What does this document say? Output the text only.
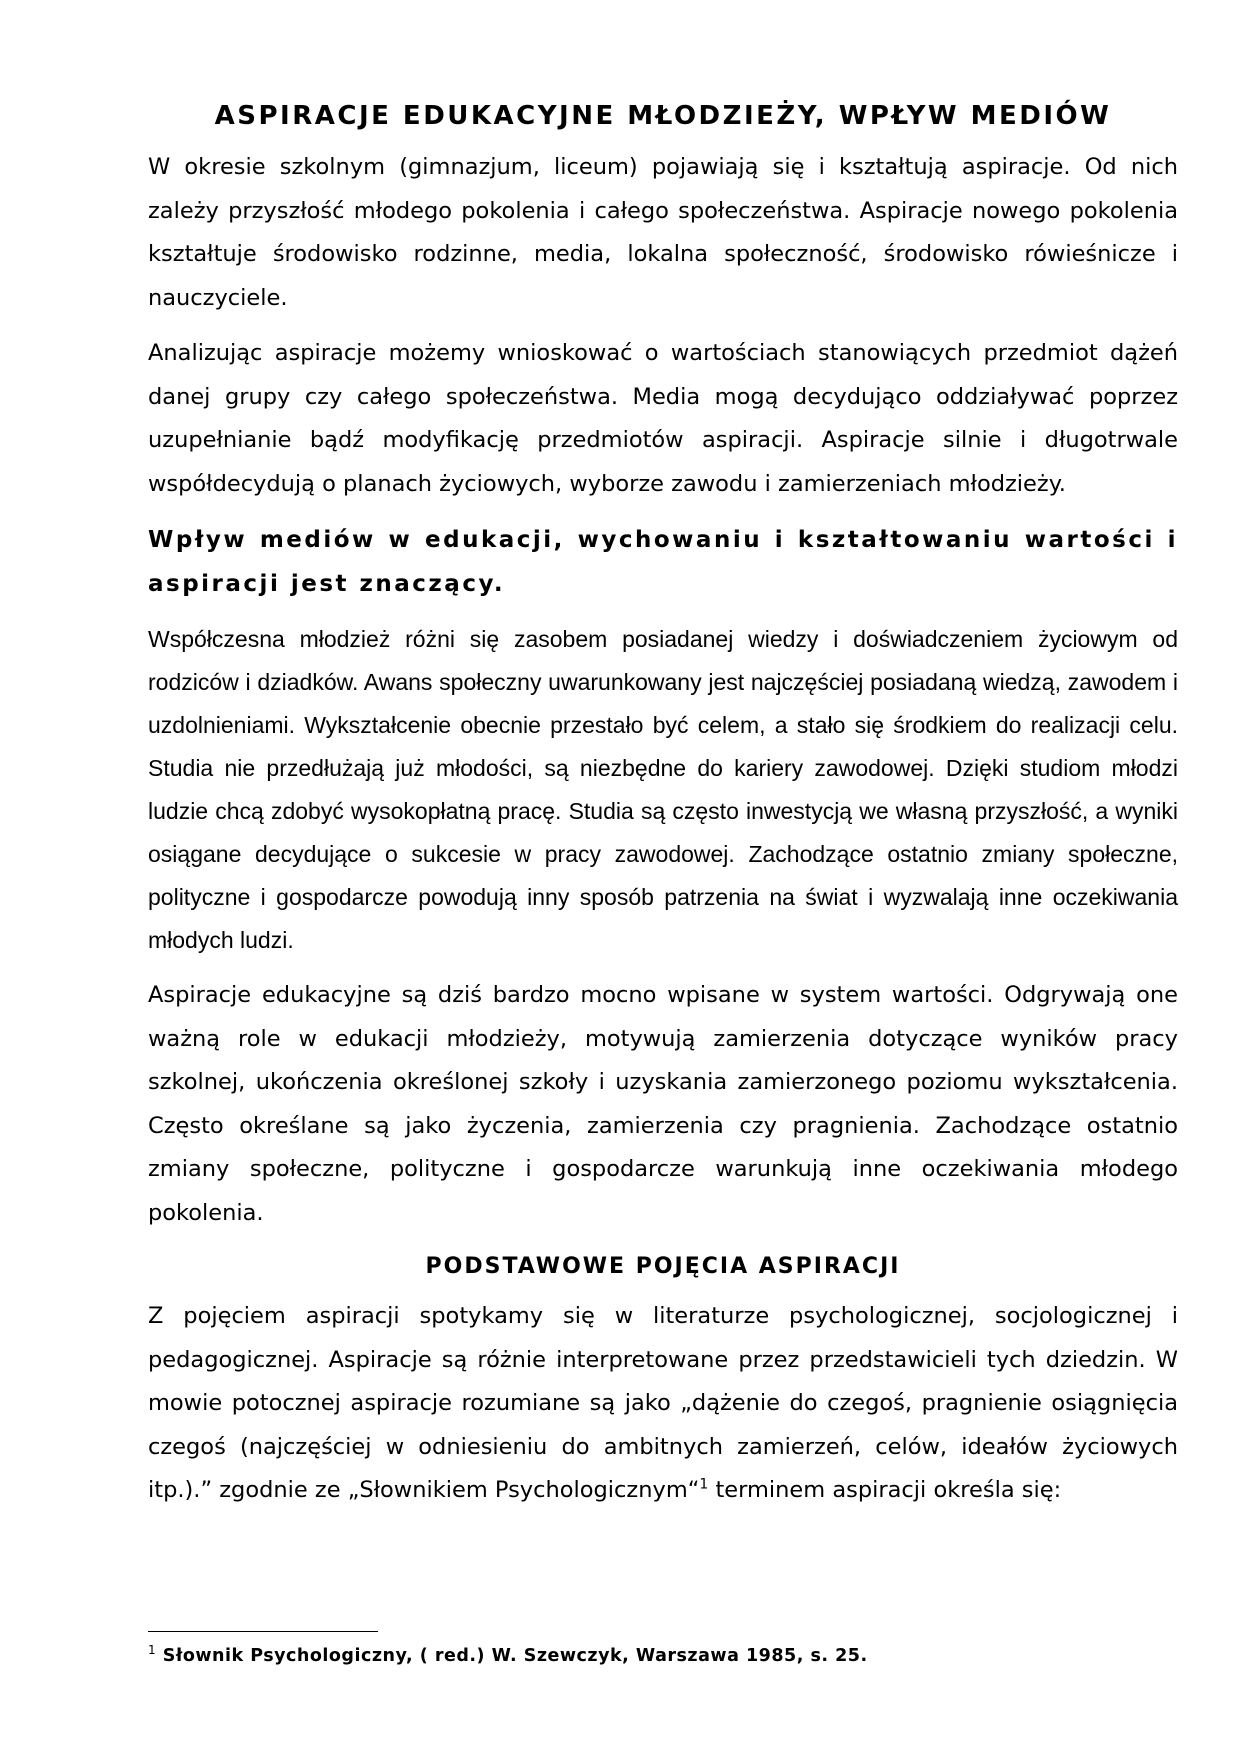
ASPIRACJE EDUKACYJNE MŁODZIEŻY, WPŁYW MEDIÓW

W okresie szkolnym (gimnazjum, liceum) pojawiają się i kształtują aspiracje. Od nich zależy przyszłość młodego pokolenia i całego społeczeństwa. Aspiracje nowego pokolenia kształtuje środowisko rodzinne, media, lokalna społeczność, środowisko rówieśnicze i nauczyciele.

Analizując aspiracje możemy wnioskować o wartościach stanowiących przedmiot dążeń danej grupy czy całego społeczeństwa. Media mogą decydująco oddziaływać poprzez uzupełnianie bądź modyfikację przedmiotów aspiracji. Aspiracje silnie i długotrwale współdecydują o planach życiowych, wyborze zawodu i zamierzeniach młodzieży.

Wpływ mediów w edukacji, wychowaniu i kształtowaniu wartości i aspiracji jest znaczący.

Współczesna młodzież różni się zasobem posiadanej wiedzy i doświadczeniem życiowym od rodziców i dziadków. Awans społeczny uwarunkowany jest najczęściej posiadaną wiedzą, zawodem i uzdolnieniami. Wykształcenie obecnie przestało być celem, a stało się środkiem do realizacji celu. Studia nie przedłużają już młodości, są niezbędne do kariery zawodowej. Dzięki studiom młodzi ludzie chcą zdobyć wysokopłatną pracę. Studia są często inwestycją we własną przyszłość, a wyniki osiągane decydujące o sukcesie w pracy zawodowej. Zachodzące ostatnio zmiany społeczne, polityczne i gospodarcze powodują inny sposób patrzenia na świat i wyzwalają inne oczekiwania młodych ludzi.

Aspiracje edukacyjne są dziś bardzo mocno wpisane w system wartości. Odgrywają one ważną role w edukacji młodzieży, motywują zamierzenia dotyczące wyników pracy szkolnej, ukończenia określonej szkoły i uzyskania zamierzonego poziomu wykształcenia. Często określane są jako życzenia, zamierzenia czy pragnienia. Zachodzące ostatnio zmiany społeczne, polityczne i gospodarcze warunkują inne oczekiwania młodego pokolenia.

PODSTAWOWE POJĘCIA ASPIRACJI

Z pojęciem aspiracji spotykamy się w literaturze psychologicznej, socjologicznej i pedagogicznej. Aspiracje są różnie interpretowane przez przedstawicieli tych dziedzin. W mowie potocznej aspiracje rozumiane są jako „dążenie do czegoś, pragnienie osiągnięcia czegoś (najczęściej w odniesieniu do ambitnych zamierzeń, celów, ideałów życiowych itp.).” zgodnie ze „Słownikiem Psychologicznym“$^1$ terminem aspiracji określa się:

$^1$ Słownik Psychologiczny, ( red.) W. Szewczyk, Warszawa 1985, s. 25.
